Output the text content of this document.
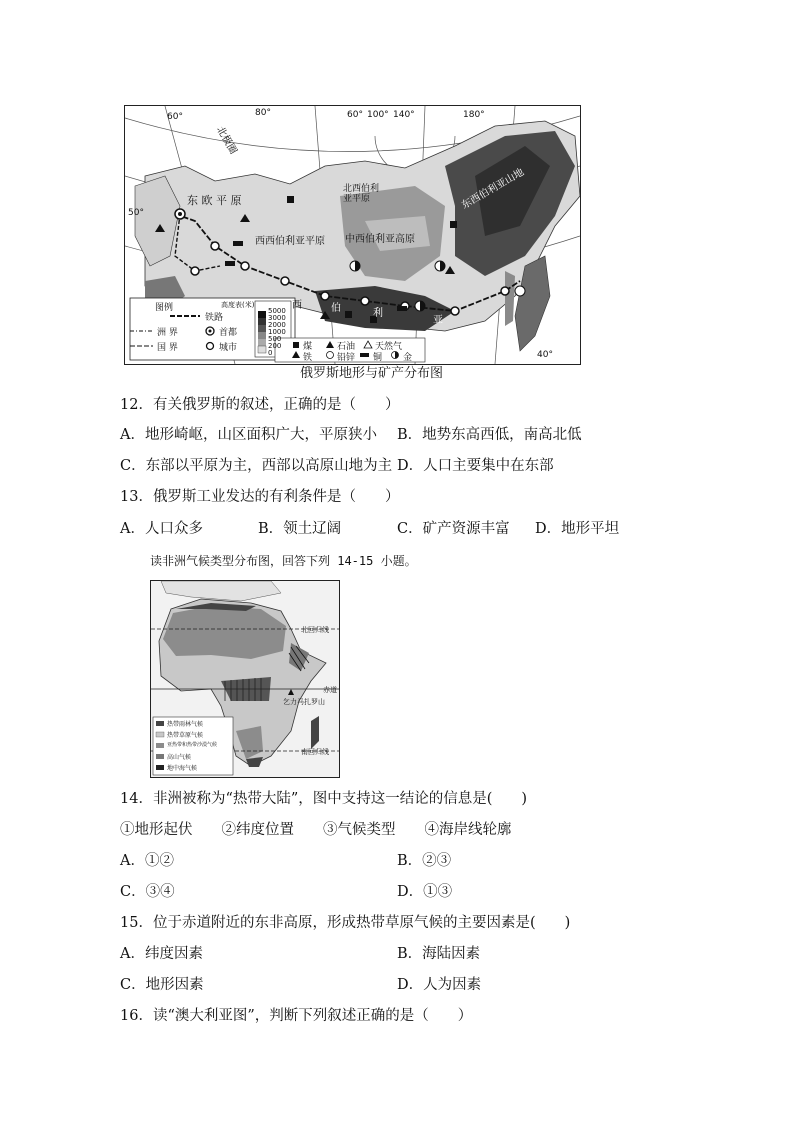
60°	80°	60° 100° 140°	180°
50°
40°
北极圈
东 欧 平 原
北西伯利
亚平原
西西伯利亚平原 中西伯利亚高原
东西伯利亚山地
西	伯	利
亚
图例
铁路
洲 界
国 界
首都
城市
高度表(米)
5000
3000
2000
1000
500
200
0
煤	石油 天然气
铁	铅锌 铜 金
俄罗斯地形与矿产分布图
12．有关俄罗斯的叙述，正确的是（　　）
A．地形崎岖，山区面积广大，平原狭小 B．地势东高西低，南高北低
C．东部以平原为主，西部以高原山地为主 D．人口主要集中在东部
13．俄罗斯工业发达的有利条件是（　　）
A．人口众多	B．领土辽阔	C．矿产资源丰富 D．地形平坦
读非洲气候类型分布图，回答下列 14-15 小题。
北回归线
赤道
南回归线
乞力马扎罗山
热带雨林气候
热带草原气候
亚热带和热带沙漠气候
高山气候
地中海气候
14．非洲被称为“热带大陆”，图中支持这一结论的信息是(　　)
①地形起伏　　②纬度位置　　③气候类型　　④海岸线轮廓
A．①②	B．②③
C．③④	D．①③
15．位于赤道附近的东非高原，形成热带草原气候的主要因素是(　　)
A．纬度因素	B．海陆因素
C．地形因素	D．人为因素
16．读“澳大利亚图”，判断下列叙述正确的是（　　）
